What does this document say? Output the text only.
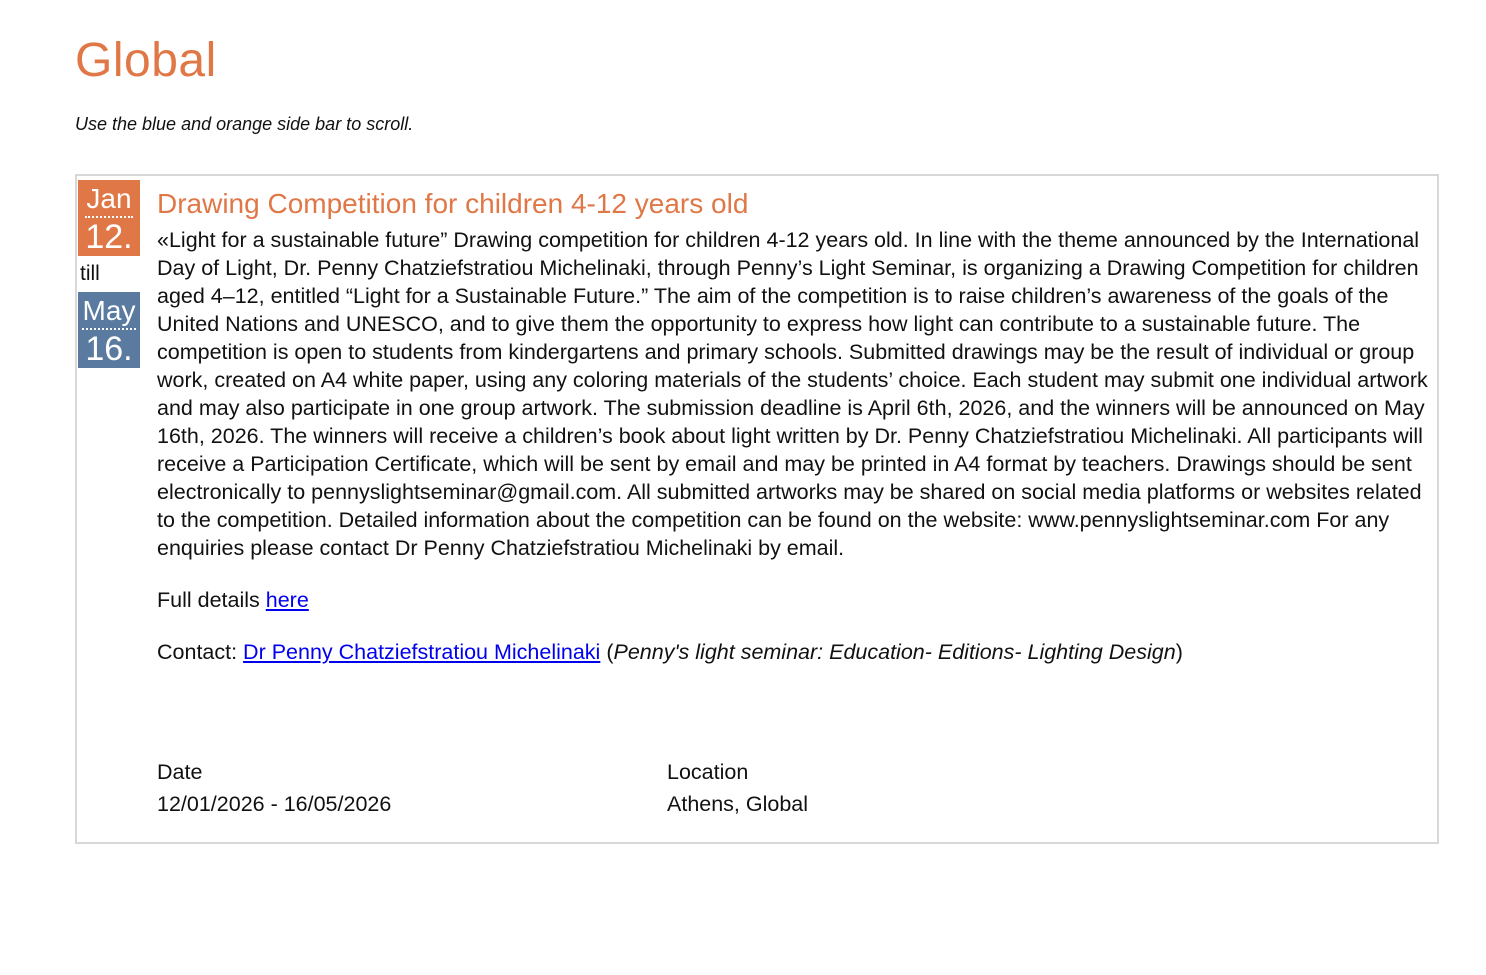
Global
Use the blue and orange side bar to scroll.
Jan
12.
till
May
16.
Drawing Competition for children 4-12 years old

«Light for a sustainable future” Drawing competition for children 4-12 years old. In line with the theme announced by the International Day of Light, Dr. Penny Chatziefstratiou Michelinaki, through Penny’s Light Seminar, is organizing a Drawing Competition for children aged 4–12, entitled “Light for a Sustainable Future.” The aim of the competition is to raise children’s awareness of the goals of the United Nations and UNESCO, and to give them the opportunity to express how light can contribute to a sustainable future. The competition is open to students from kindergartens and primary schools. Submitted drawings may be the result of individual or group work, created on A4 white paper, using any coloring materials of the students’ choice. Each student may submit one individual artwork and may also participate in one group artwork. The submission deadline is April 6th, 2026, and the winners will be announced on May 16th, 2026. The winners will receive a children’s book about light written by Dr. Penny Chatziefstratiou Michelinaki. All participants will receive a Participation Certificate, which will be sent by email and may be printed in A4 format by teachers. Drawings should be sent electronically to pennyslightseminar@gmail.com. All submitted artworks may be shared on social media platforms or websites related to the competition. Detailed information about the competition can be found on the website: www.pennyslightseminar.com For any enquiries please contact Dr Penny Chatziefstratiou Michelinaki by email.

Full details here

Contact: Dr Penny Chatziefstratiou Michelinaki (Penny's light seminar: Education- Editions- Lighting Design)

Date
12/01/2026 - 16/05/2026
Location
Athens, Global
